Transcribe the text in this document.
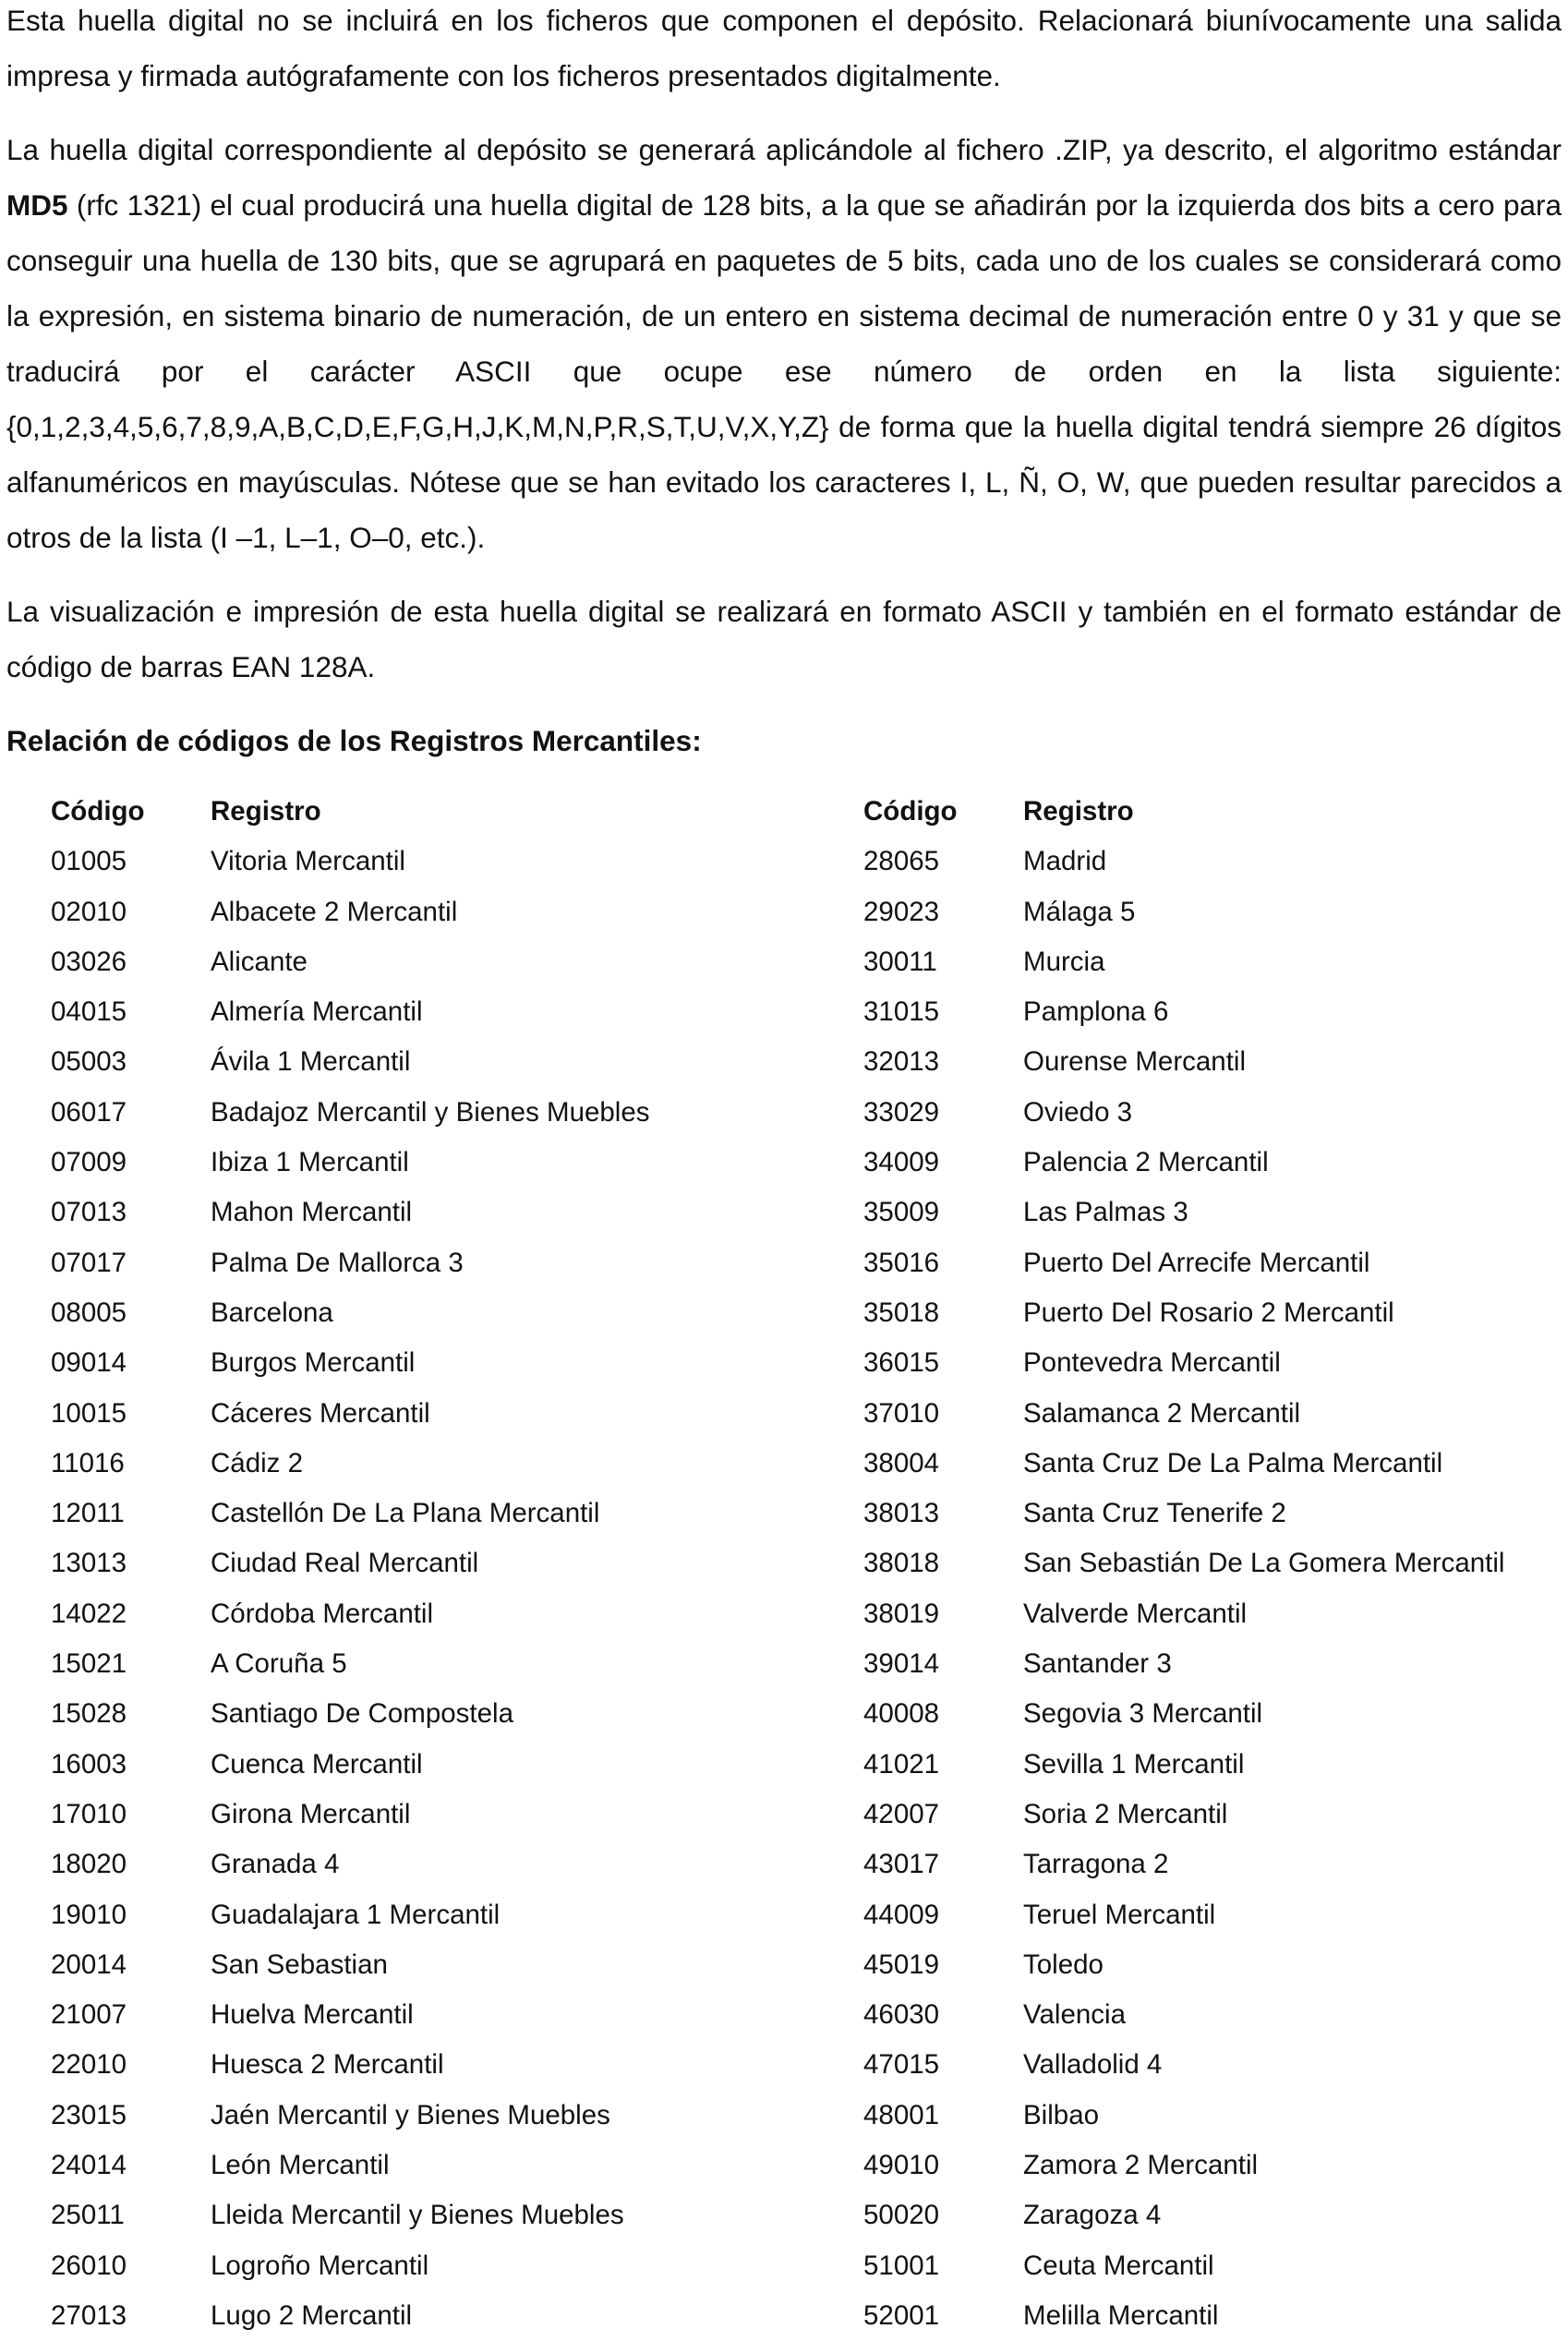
Esta huella digital no se incluirá en los ficheros que componen el depósito. Relacionará biunívocamente una salida impresa y firmada autógrafamente con los ficheros presentados digitalmente.

La huella digital correspondiente al depósito se generará aplicándole al fichero .ZIP, ya descrito, el algoritmo estándar MD5 (rfc 1321) el cual producirá una huella digital de 128 bits, a la que se añadirán por la izquierda dos bits a cero para conseguir una huella de 130 bits, que se agrupará en paquetes de 5 bits, cada uno de los cuales se considerará como la expresión, en sistema binario de numeración, de un entero en sistema decimal de numeración entre 0 y 31 y que se traducirá por el carácter ASCII que ocupe ese número de orden en la lista siguiente: {0,1,2,3,4,5,6,7,8,9,A,B,C,D,E,F,G,H,J,K,M,N,P,R,S,T,U,V,X,Y,Z} de forma que la huella digital tendrá siempre 26 dígitos alfanuméricos en mayúsculas. Nótese que se han evitado los caracteres I, L, Ñ, O, W, que pueden resultar parecidos a otros de la lista (I –1, L–1, O–0, etc.).

La visualización e impresión de esta huella digital se realizará en formato ASCII y también en el formato estándar de código de barras EAN 128A.

Relación de códigos de los Registros Mercantiles:
Código Registro	Código Registro
01005	Vitoria Mercantil	28065	Madrid
02010	Albacete 2 Mercantil	29023	Málaga 5
03026	Alicante	30011	Murcia
04015	Almería Mercantil	31015	Pamplona 6
05003	Ávila 1 Mercantil	32013	Ourense Mercantil
06017	Badajoz Mercantil y Bienes Muebles	33029	Oviedo 3
07009	Ibiza 1 Mercantil	34009	Palencia 2 Mercantil
07013	Mahon Mercantil	35009	Las Palmas 3
07017	Palma De Mallorca 3	35016	Puerto Del Arrecife Mercantil
08005	Barcelona	35018	Puerto Del Rosario 2 Mercantil
09014	Burgos Mercantil	36015	Pontevedra Mercantil
10015	Cáceres Mercantil	37010	Salamanca 2 Mercantil
11016	Cádiz 2	38004	Santa Cruz De La Palma Mercantil
12011	Castellón De La Plana Mercantil	38013	Santa Cruz Tenerife 2
13013	Ciudad Real Mercantil	38018	San Sebastián De La Gomera Mercantil
14022	Córdoba Mercantil	38019	Valverde Mercantil
15021	A Coruña 5	39014	Santander 3
15028	Santiago De Compostela	40008	Segovia 3 Mercantil
16003	Cuenca Mercantil	41021	Sevilla 1 Mercantil
17010	Girona Mercantil	42007	Soria 2 Mercantil
18020	Granada 4	43017	Tarragona 2
19010	Guadalajara 1 Mercantil	44009	Teruel Mercantil
20014	San Sebastian	45019	Toledo
21007	Huelva Mercantil	46030	Valencia
22010	Huesca 2 Mercantil	47015	Valladolid 4
23015	Jaén Mercantil y Bienes Muebles	48001	Bilbao
24014	León Mercantil	49010	Zamora 2 Mercantil
25011	Lleida Mercantil y Bienes Muebles	50020	Zaragoza 4
26010	Logroño Mercantil	51001	Ceuta Mercantil
27013	Lugo 2 Mercantil	52001	Melilla Mercantil
